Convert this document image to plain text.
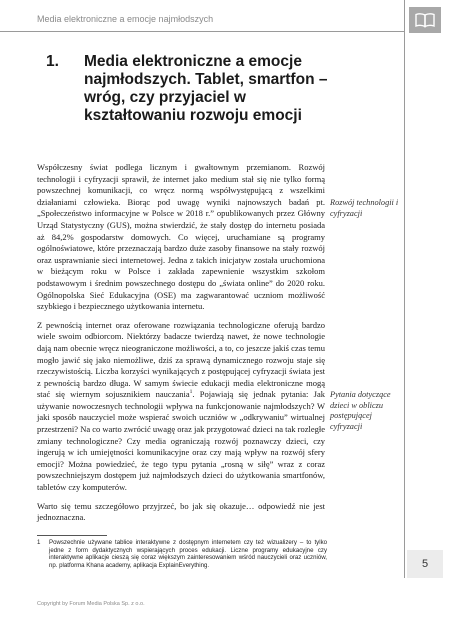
Media elektroniczne a emocje najmłodszych
1. Media elektroniczne a emocje najmłodszych. Tablet, smartfon – wróg, czy przyjaciel w kształtowaniu rozwoju emocji

Współczesny świat podlega licznym i gwałtownym przemianom. Rozwój technologii i cyfryzacji sprawił, że internet jako medium stał się nie tylko formą powszechnej komunikacji, co wręcz normą współwystępującą z wszelkimi działaniami człowieka. Biorąc pod uwagę wyniki najnowszych badań pt. „Społeczeństwo informacyjne w Polsce w 2018 r.” opublikowanych przez Główny Urząd Statystyczny (GUS), można stwierdzić, że stały dostęp do internetu posiada aż 84,2% gospodarstw domowych. Co więcej, uruchamiane są programy ogólnoświatowe, które przeznaczają bardzo duże zasoby finansowe na stały rozwój oraz usprawnianie sieci internetowej. Jedna z takich inicjatyw została uruchomiona w bieżącym roku w Polsce i zakłada zapewnienie wszystkim szkołom podstawowym i średnim powszechnego dostępu do „świata online” do 2020 roku. Ogólnopolska Sieć Edukacyjna (OSE) ma zagwarantować uczniom możliwość szybkiego i bezpiecznego użytkowania internetu.

Z pewnością internet oraz oferowane rozwiązania technologiczne oferują bardzo wiele swoim odbiorcom. Niektórzy badacze twierdzą nawet, że nowe technologie dają nam obecnie wręcz nieograniczone możliwości, a to, co jeszcze jakiś czas temu mogło jawić się jako niemożliwe, dziś za sprawą dynamicznego rozwoju staje się rzeczywistością. Liczba korzyści wynikających z postępującej cyfryzacji świata jest z pewnością bardzo długa. W samym świecie edukacji media elektroniczne mogą stać się wiernym sojusznikiem nauczania$^1$. Pojawiają się jednak pytania: Jak używanie nowoczesnych technologii wpływa na funkcjonowanie najmłodszych? W jaki sposób nauczyciel może wspierać swoich uczniów w „odkrywaniu” wirtualnej przestrzeni? Na co warto zwrócić uwagę oraz jak przygotować dzieci na tak rozległe zmiany technologiczne? Czy media ograniczają rozwój poznawczy dzieci, czy ingerują w ich umiejętności komunikacyjne oraz czy mają wpływ na rozwój sfery emocji? Można powiedzieć, że tego typu pytania „rosną w siłę” wraz z coraz powszechniejszym dostępem już najmłodszych dzieci do użytkowania smartfonów, tabletów czy komputerów.

Warto się temu szczegółowo przyjrzeć, bo jak się okazuje… odpowiedź nie jest jednoznaczna.

Rozwój technologii i cyfryzacji
Pytania dotyczące dzieci w obliczu postępującej cyfryzacji
1	Powszechnie używane tablice interaktywne z dostępnym internetem czy też wizualizery – to tylko jedne z form dydaktycznych wspierających proces edukacji. Liczne programy edukacyjne czy interaktywne aplikacje cieszą się coraz większym zainteresowaniem wśród nauczycieli oraz uczniów, np. platforma Khana academy, aplikacja ExplainEverything.	5
Copyright by Forum Media Polska Sp. z o.o.
